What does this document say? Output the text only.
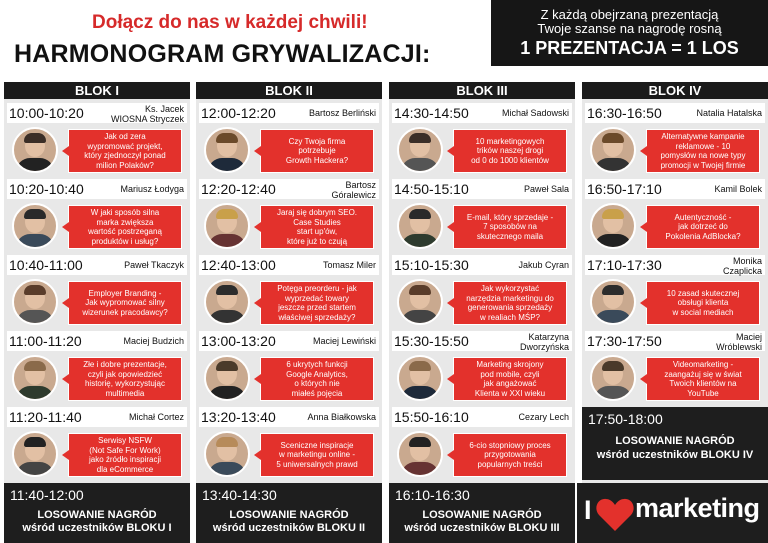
Dołącz do nas w każdej chwili!
HARMONOGRAM GRYWALIZACJI:
Z każdą obejrzaną prezentacją
Twoje szanse na nagrodę rosną
1 PREZENTACJA = 1 LOS
BLOK I
10:00-10:20	Ks. Jacek
WIOSNA Stryczek
Jak od zera
wypromować projekt,
który zjednoczył ponad
milion Polaków?
10:20-10:40	Mariusz Łodyga
W jaki sposób silna
marka zwiększa
wartość postrzeganą
produktów i usług?
10:40-11:00	Paweł Tkaczyk
Employer Branding -
Jak wypromować silny
wizerunek pracodawcy?
11:00-11:20	Maciej Budzich
Złe i dobre prezentacje,
czyli jak opowiedzieć
historię, wykorzystując
multimedia
11:20-11:40	Michał Cortez
Serwisy NSFW
(Not Safe For Work)
jako źródło inspiracji
dla eCommerce
11:40-12:00
LOSOWANIE NAGRÓD
wśród uczestników BLOKU I
BLOK II
12:00-12:20	Bartosz Berliński
Czy Twoja firma
potrzebuje
Growth Hackera?
12:20-12:40	Bartosz
Góralewicz
Jaraj się dobrym SEO.
Case Studies
start up'ów,
które już to czują
12:40-13:00	Tomasz Miler
Potęga preorderu - jak
wyprzedać towary
jeszcze przed startem
właściwej sprzedaży?
13:00-13:20	Maciej Lewiński
6 ukrytych funkcji
Google Analytics,
o których nie
miałeś pojęcia
13:20-13:40	Anna Białkowska
Sceniczne inspiracje
w marketingu online -
5 uniwersalnych prawd
13:40-14:30
LOSOWANIE NAGRÓD
wśród uczestników BLOKU II
BLOK III
14:30-14:50	Michał Sadowski
10 marketingowych
trików naszej drogi
od 0 do 1000 klientów
14:50-15:10	Paweł Sala
E-mail, który sprzedaje -
7 sposobów na
skutecznego maila
15:10-15:30	Jakub Cyran
Jak wykorzystać
narzędzia marketingu do
generowania sprzedaży
w realiach MŚP?
15:30-15:50	Katarzyna
Dworzyńska
Marketing skrojony
pod mobile, czyli
jak angażować
Klienta w XXI wieku
15:50-16:10	Cezary Lech
6-cio stopniowy proces
przygotowania
popularnych treści
16:10-16:30
LOSOWANIE NAGRÓD
wśród uczestników BLOKU III
BLOK IV
16:30-16:50	Natalia Hatalska
Alternatywne kampanie
reklamowe - 10
pomysłów na nowe typy
promocji w Twojej firmie
16:50-17:10	Kamil Bolek
Autentyczność -
jak dotrzeć do
Pokolenia AdBlocka?
17:10-17:30	Monika
Czaplicka
10 zasad skutecznej
obsługi klienta
w social mediach
17:30-17:50	Maciej
Wróblewski
Videomarketing -
zaangażuj się w świat
Twoich klientów na
YouTube
17:50-18:00
LOSOWANIE NAGRÓD
wśród uczestników BLOKU IV
I marketing
